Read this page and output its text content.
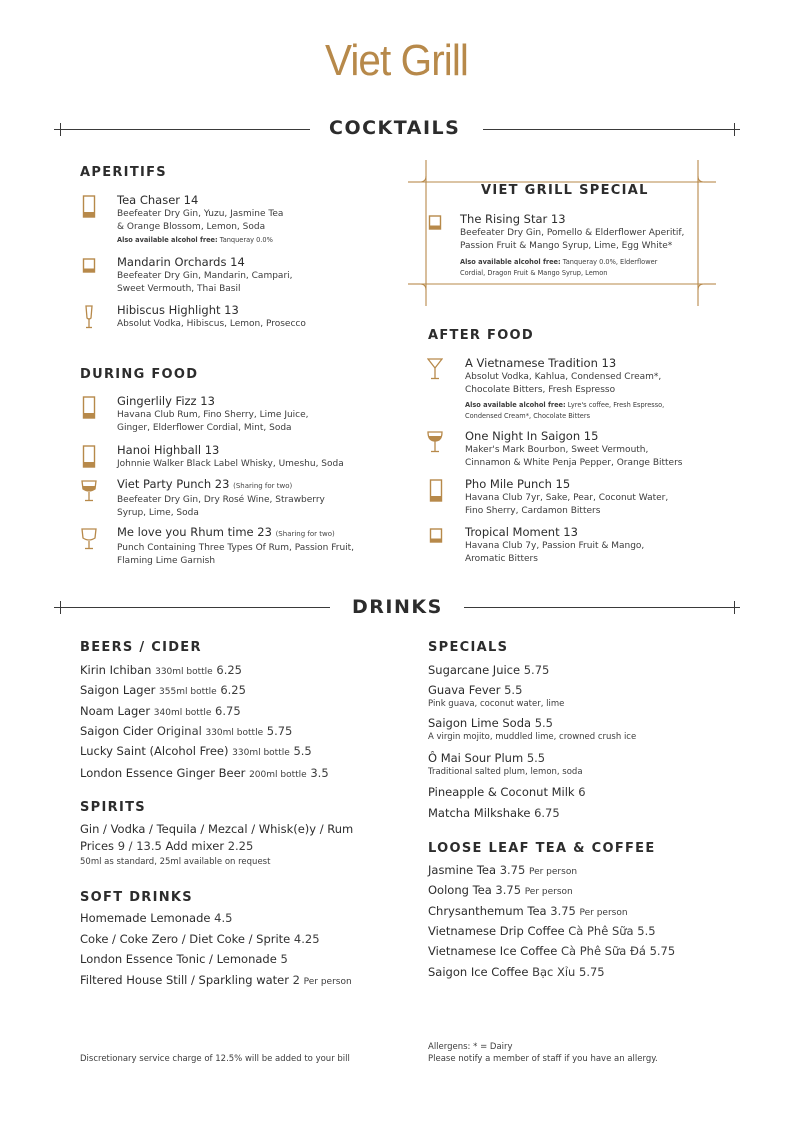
Viet Grill
COCKTAILS
APERITIFS
Tea Chaser 14
Beefeater Dry Gin, Yuzu, Jasmine Tea
& Orange Blossom, Lemon, Soda
Also available alcohol free: Tanqueray 0.0%
Mandarin Orchards 14
Beefeater Dry Gin, Mandarin, Campari,
Sweet Vermouth, Thai Basil
Hibiscus Highlight 13
Absolut Vodka, Hibiscus, Lemon, Prosecco
DURING FOOD
Gingerlily Fizz 13
Havana Club Rum, Fino Sherry, Lime Juice,
Ginger, Elderflower Cordial, Mint, Soda
Hanoi Highball 13
Johnnie Walker Black Label Whisky, Umeshu, Soda
Viet Party Punch 23 (Sharing for two)
Beefeater Dry Gin, Dry Rosé Wine, Strawberry
Syrup, Lime, Soda
Me love you Rhum time 23 (Sharing for two)
Punch Containing Three Types Of Rum, Passion Fruit,
Flaming Lime Garnish
VIET GRILL SPECIAL
The Rising Star 13
Beefeater Dry Gin, Pomello & Elderflower Aperitif,
Passion Fruit & Mango Syrup, Lime, Egg White*
Also available alcohol free: Tanqueray 0.0%, Elderflower
Cordial, Dragon Fruit & Mango Syrup, Lemon
AFTER FOOD
A Vietnamese Tradition 13
Absolut Vodka, Kahlua, Condensed Cream*,
Chocolate Bitters, Fresh Espresso
Also available alcohol free: Lyre's coffee, Fresh Espresso,
Condensed Cream*, Chocolate Bitters
One Night In Saigon 15
Maker's Mark Bourbon, Sweet Vermouth,
Cinnamon & White Penja Pepper, Orange Bitters
Pho Mile Punch 15
Havana Club 7yr, Sake, Pear, Coconut Water,
Fino Sherry, Cardamon Bitters
Tropical Moment 13
Havana Club 7y, Passion Fruit & Mango,
Aromatic Bitters
DRINKS
BEERS / CIDER
Kirin Ichiban 330ml bottle 6.25
Saigon Lager 355ml bottle 6.25
Noam Lager 340ml bottle 6.75
Saigon Cider Original 330ml bottle 5.75
Lucky Saint (Alcohol Free) 330ml bottle 5.5
London Essence Ginger Beer 200ml bottle 3.5
SPIRITS
Gin / Vodka / Tequila / Mezcal / Whisk(e)y / Rum
Prices 9 / 13.5 Add mixer 2.25
50ml as standard, 25ml available on request
SOFT DRINKS
Homemade Lemonade 4.5
Coke / Coke Zero / Diet Coke / Sprite 4.25
London Essence Tonic / Lemonade 5
Filtered House Still / Sparkling water 2 Per person
SPECIALS
Sugarcane Juice 5.75
Guava Fever 5.5
Pink guava, coconut water, lime
Saigon Lime Soda 5.5
A virgin mojito, muddled lime, crowned crush ice
Ô Mai Sour Plum 5.5
Traditional salted plum, lemon, soda
Pineapple & Coconut Milk 6
Matcha Milkshake 6.75
LOOSE LEAF TEA & COFFEE
Jasmine Tea 3.75 Per person
Oolong Tea 3.75 Per person
Chrysanthemum Tea 3.75 Per person
Vietnamese Drip Coffee Cà Phê Sữa 5.5
Vietnamese Ice Coffee Cà Phê Sữa Đá 5.75
Saigon Ice Coffee Bạc Xỉu 5.75
Discretionary service charge of 12.5% will be added to your bill
Allergens: * = Dairy
Please notify a member of staff if you have an allergy.
